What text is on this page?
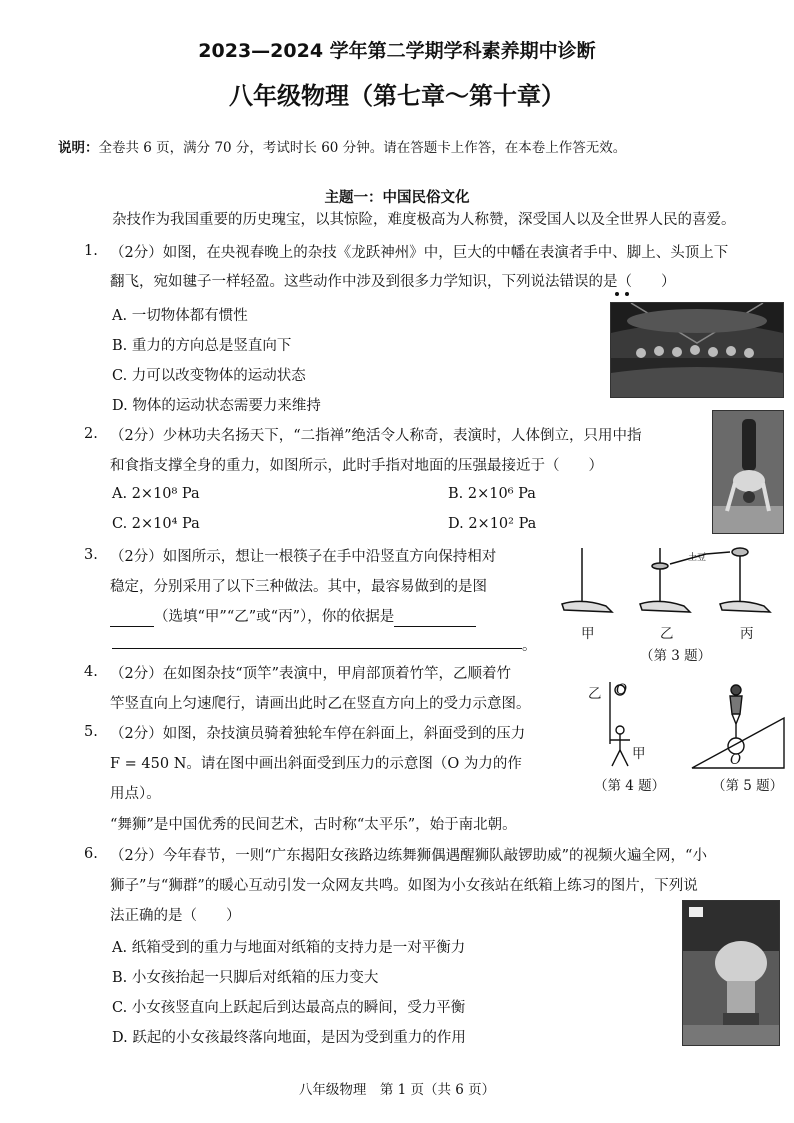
2023—2024 学年第二学期学科素养期中诊断
八年级物理（第七章～第十章）
说明：全卷共 6 页，满分 70 分，考试时长 60 分钟。请在答题卡上作答，在本卷上作答无效。
主题一：中国民俗文化
杂技作为我国重要的历史瑰宝，以其惊险，难度极高为人称赞，深受国人以及全世界人民的喜爱。
1. （2分）如图，在央视春晚上的杂技《龙跃神州》中，巨大的中幡在表演者手中、脚上、头顶上下
翻飞，宛如毽子一样轻盈。这些动作中涉及到很多力学知识，下列说法错误的是（　　）
A. 一切物体都有惯性
B. 重力的方向总是竖直向下
C. 力可以改变物体的运动状态
D. 物体的运动状态需要力来维持
2. （2分）少林功夫名扬天下，“二指禅”绝活令人称奇，表演时，人体倒立，只用中指
和食指支撑全身的重力，如图所示，此时手指对地面的压强最接近于（　　）
A. 2×10⁸ Pa	B. 2×10⁶ Pa
C. 2×10⁴ Pa	D. 2×10² Pa
3. （2分）如图所示，想让一根筷子在手中沿竖直方向保持相对
稳定，分别采用了以下三种做法。其中，最容易做到的是图
（选填“甲”“乙”或“丙”），你的依据是
。
土豆
甲	乙	丙
（第 3 题）
4. （2分）在如图杂技“顶竿”表演中，甲肩部顶着竹竿，乙顺着竹
竿竖直向上匀速爬行，请画出此时乙在竖直方向上的受力示意图。
乙 O
甲
（第 4 题）
5. （2分）如图，杂技演员骑着独轮车停在斜面上，斜面受到的压力
F = 450 N。请在图中画出斜面受到压力的示意图（O 为力的作
用点）。
O
（第 5 题）
“舞狮”是中国优秀的民间艺术，古时称“太平乐”，始于南北朝。
6. （2分）今年春节，一则“广东揭阳女孩路边练舞狮偶遇醒狮队敲锣助威”的视频火遍全网，“小
狮子”与“狮群”的暖心互动引发一众网友共鸣。如图为小女孩站在纸箱上练习的图片，下列说
法正确的是（　　）
A. 纸箱受到的重力与地面对纸箱的支持力是一对平衡力
B. 小女孩抬起一只脚后对纸箱的压力变大
C. 小女孩竖直向上跃起后到达最高点的瞬间，受力平衡
D. 跃起的小女孩最终落向地面，是因为受到重力的作用
八年级物理　第 1 页（共 6 页）
